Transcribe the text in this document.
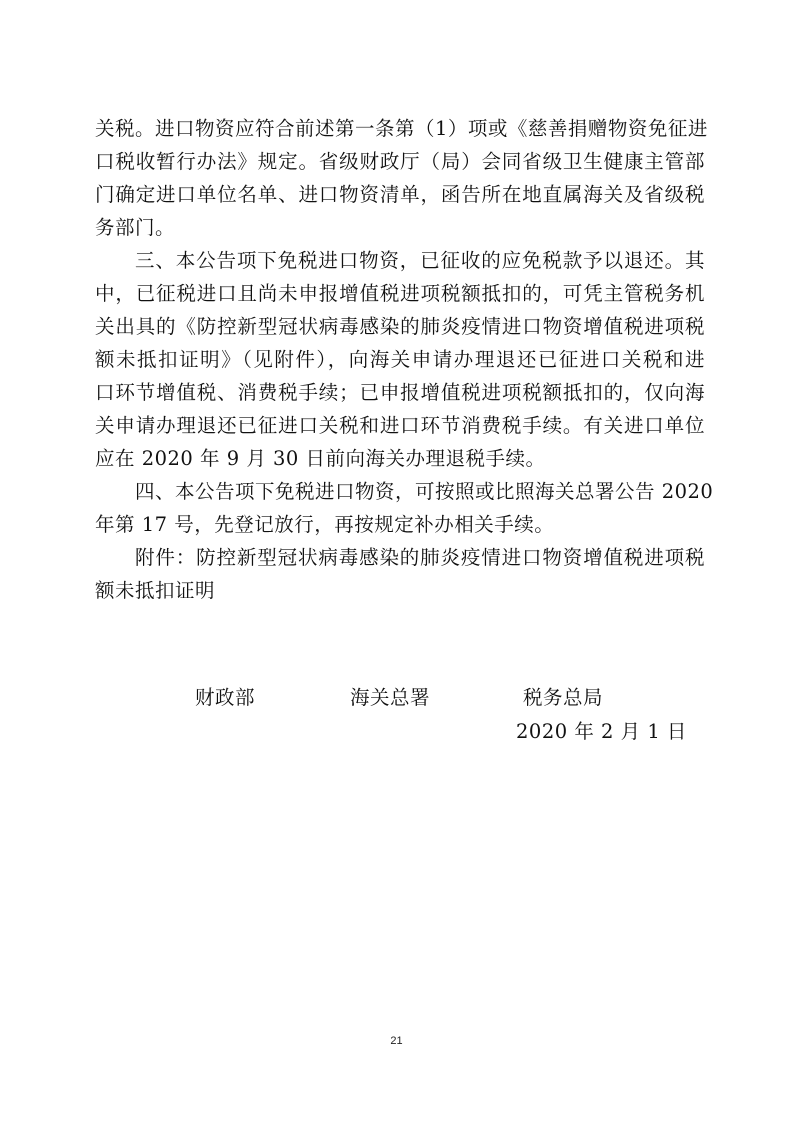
关税。进口物资应符合前述第一条第（1）项或《慈善捐赠物资免征进
口税收暂行办法》规定。省级财政厅（局）会同省级卫生健康主管部
门确定进口单位名单、进口物资清单，函告所在地直属海关及省级税
务部门。
三、本公告项下免税进口物资，已征收的应免税款予以退还。其
中，已征税进口且尚未申报增值税进项税额抵扣的，可凭主管税务机
关出具的《防控新型冠状病毒感染的肺炎疫情进口物资增值税进项税
额未抵扣证明》（见附件），向海关申请办理退还已征进口关税和进
口环节增值税、消费税手续；已申报增值税进项税额抵扣的，仅向海
关申请办理退还已征进口关税和进口环节消费税手续。有关进口单位
应在 2020 年 9 月 30 日前向海关办理退税手续。
四、本公告项下免税进口物资，可按照或比照海关总署公告 2020
年第 17 号，先登记放行，再按规定补办相关手续。
附件：防控新型冠状病毒感染的肺炎疫情进口物资增值税进项税
额未抵扣证明
财政部	海关总署	税务总局
2020 年 2 月 1 日
21
